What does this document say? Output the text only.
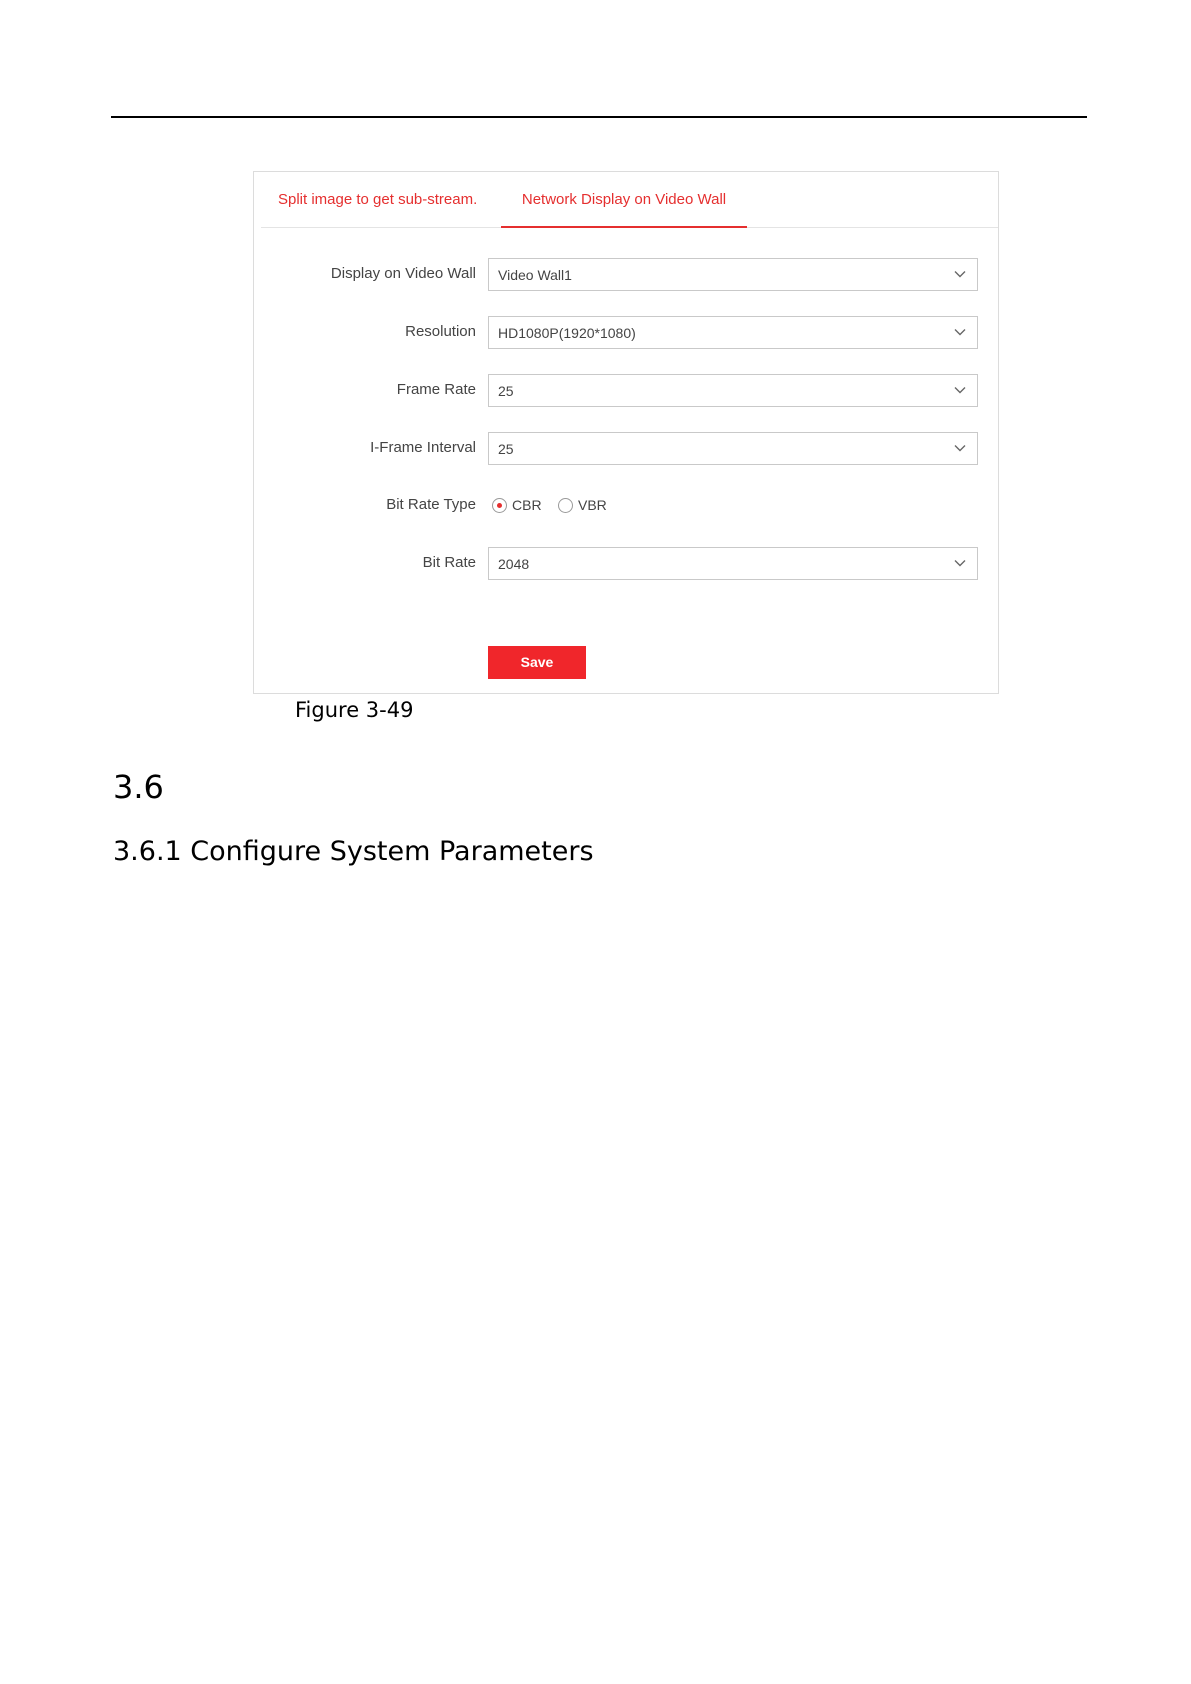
Split image to get sub-stream.	Network Display on Video Wall
Display on Video Wall Video Wall1
Resolution HD1080P(1920*1080)
Frame Rate 25
I-Frame Interval 25
Bit Rate Type	CBR	VBR
Bit Rate 2048
Save
Figure 3-49
3.6
3.6.1 Configure System Parameters
